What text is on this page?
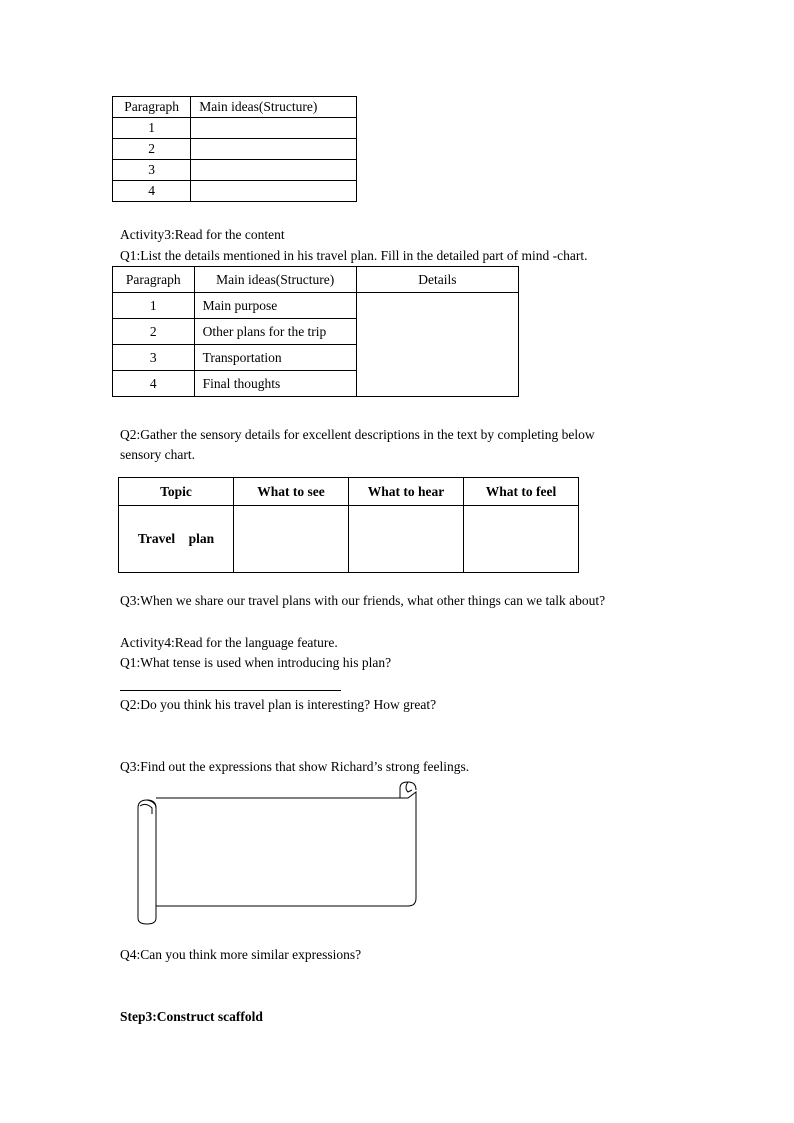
Paragraph	Main ideas(Structure)
1	
2	
3	
4	
Activity3:Read for the content
Q1:List the details mentioned in his travel plan. Fill in the detailed part of mind -chart.
Paragraph	Main ideas(Structure)	Details
1	Main purpose	
2	Other plans for the trip	
3	Transportation	
4	Final thoughts	
Q2:Gather the sensory details for excellent descriptions in the text by completing below
sensory chart.
Topic	What to see	What to hear	What to feel
Travel    plan			
Q3:When we share our travel plans with our friends, what other things can we talk about?
Activity4:Read for the language feature.
Q1:What tense is used when introducing his plan?
Q2:Do you think his travel plan is interesting? How great?
Q3:Find out the expressions that show Richard’s strong feelings.
Q4:Can you think more similar expressions?
Step3:Construct scaffold
